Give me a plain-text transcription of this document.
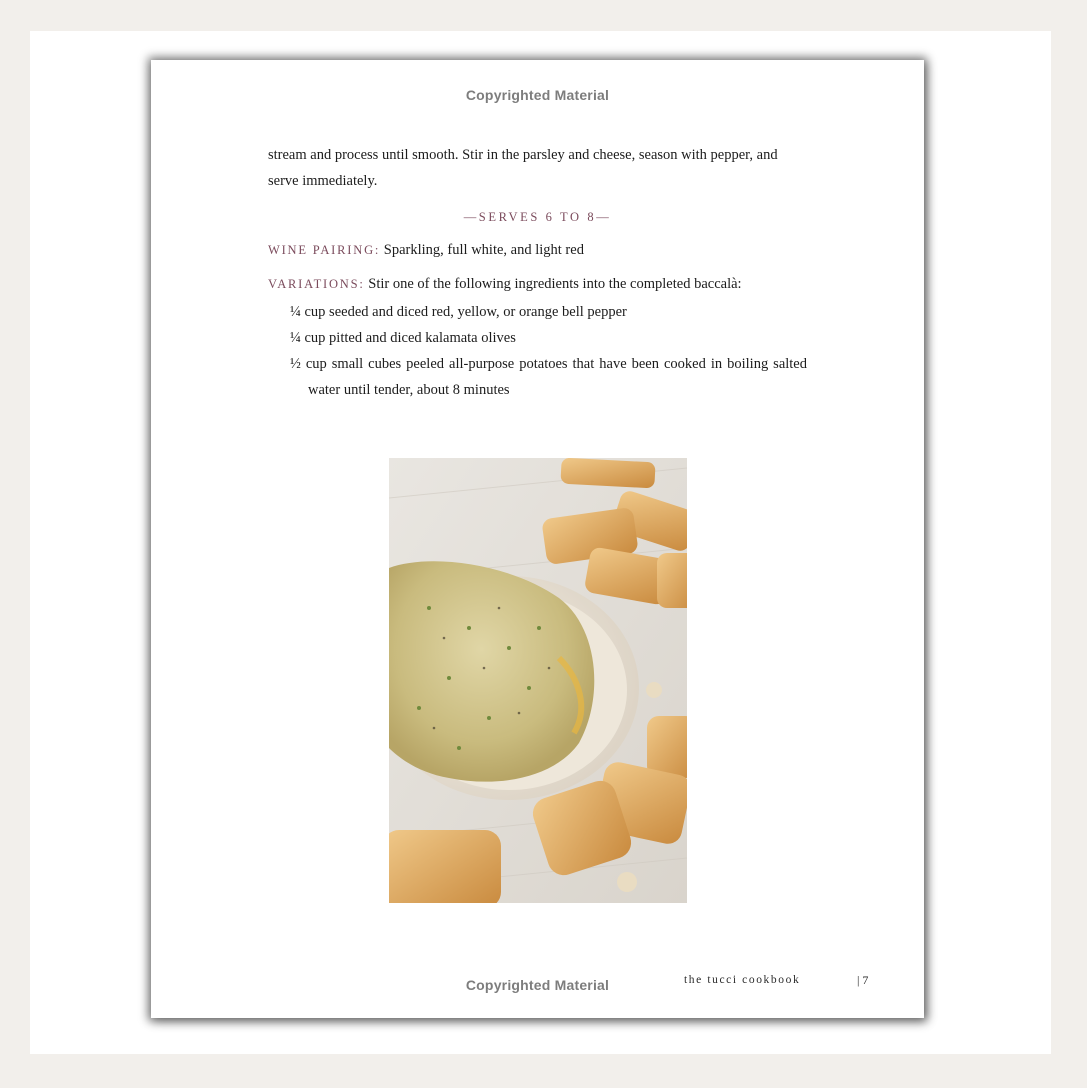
Copyrighted Material
stream and process until smooth. Stir in the parsley and cheese, season with pepper, and serve immediately.
—SERVES 6 TO 8—
WINE PAIRING: Sparkling, full white, and light red
VARIATIONS: Stir one of the following ingredients into the completed baccalà:
¼ cup seeded and diced red, yellow, or orange bell pepper
¼ cup pitted and diced kalamata olives
½ cup small cubes peeled all-purpose potatoes that have been cooked in boiling salted water until tender, about 8 minutes
Copyrighted Material	the tucci cookbook	| 7
